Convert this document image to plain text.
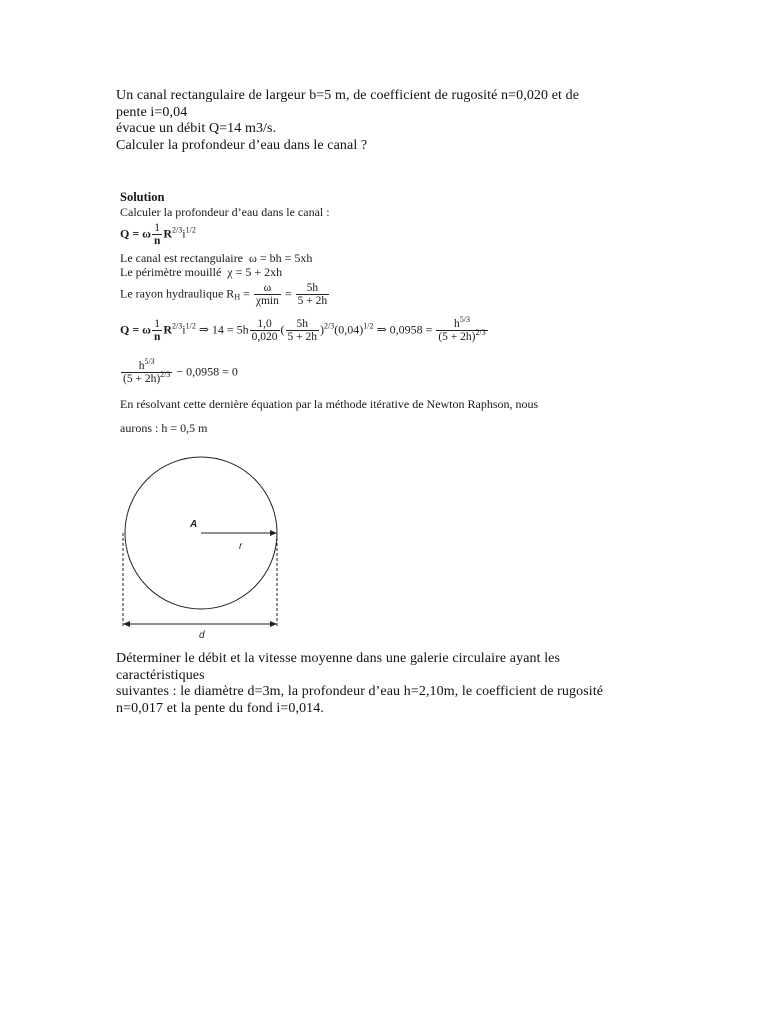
Un canal rectangulaire de largeur b=5 m, de coefficient de rugosité n=0,020 et de

pente i=0,04

évacue un débit Q=14 m3/s.

Calculer la profondeur d’eau dans le canal ?

Solution
Calculer la profondeur d’eau dans le canal :
Q = ω $\frac{1}{n} R^{2/3}i^{1/2}$
Le canal est rectangulaire ω = bh = 5xh
Le périmètre mouillé χ = 5 + 2xh
Le rayon hydraulique $R_H = \frac{\omega}{\chi\min} = \frac{5h}{5 + 2h}$
Q = ω $\frac{1}{n} R^{2/3}i^{1/2}$ ⇒ $14 = 5h \frac{1,0}{0,020}$ ( $\frac{5h}{5 + 2h} )^{2/3}(0,04)^{1/2}$ ⇒ $0,0958 = \frac{h^{5/3}}{(5 + 2h)^{2/3}}$
$\frac{h^{5/3}}{(5 + 2h)^{2/3}} - 0,0958 = 0$
En résolvant cette dernière équation par la méthode itérative de Newton Raphson, nous
aurons : h = 0,5 m
A
r
d

Déterminer le débit et la vitesse moyenne dans une galerie circulaire ayant les

caractéristiques

suivantes : le diamètre d=3m, la profondeur d’eau h=2,10m, le coefficient de rugosité

n=0,017 et la pente du fond i=0,014.
